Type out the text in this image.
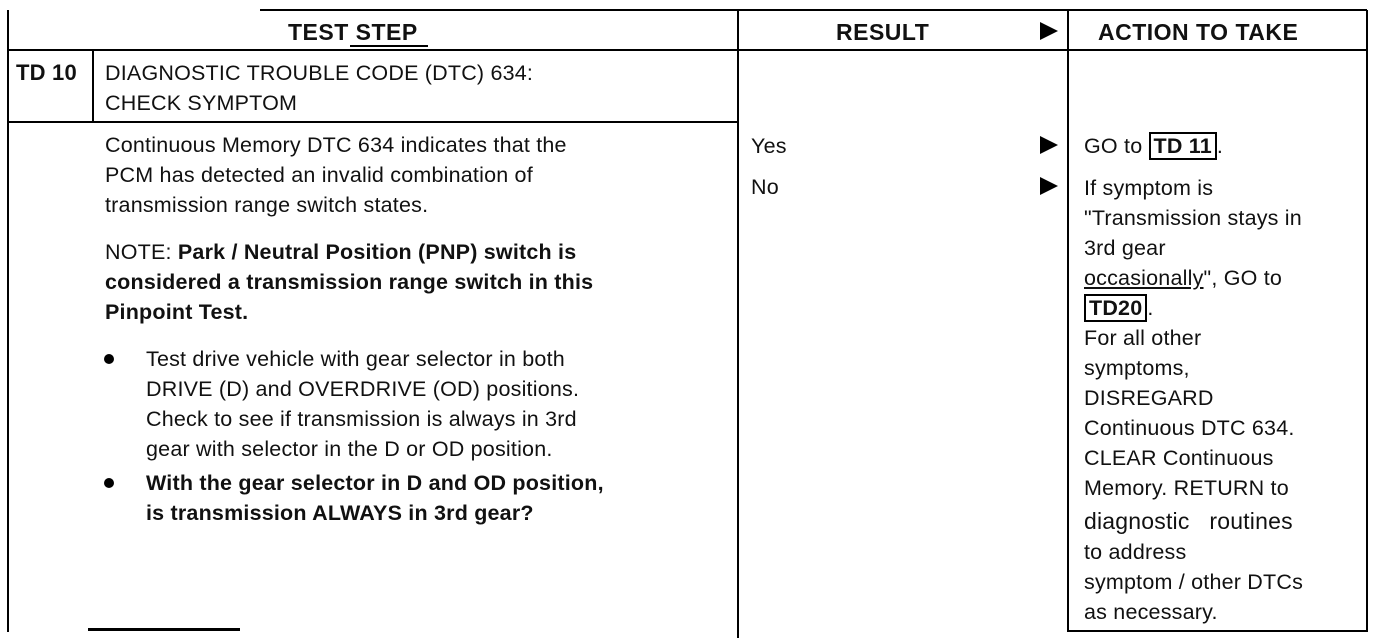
TEST STEP	RESULT	ACTION TO TAKE
TD 10 DIAGNOSTIC TROUBLE CODE (DTC) 634:
CHECK SYMPTOM
Continuous Memory DTC 634 indicates that the
PCM has detected an invalid combination of
transmission range switch states.
NOTE: Park / Neutral Position (PNP) switch is
considered a transmission range switch in this
Pinpoint Test.
Test drive vehicle with gear selector in both
DRIVE (D) and OVERDRIVE (OD) positions.
Check to see if transmission is always in 3rd
gear with selector in the D or OD position.
With the gear selector in D and OD position,
is transmission ALWAYS in 3rd gear?
Yes
No
GO to TD 11 .
If symptom is
"Transmission stays in
3rd gear
occasionally", GO to
TD20 .
For all other
symptoms,
DISREGARD
Continuous DTC 634.
CLEAR Continuous
Memory. RETURN to
diagnostic   routines
to address
symptom / other DTCs
as necessary.
